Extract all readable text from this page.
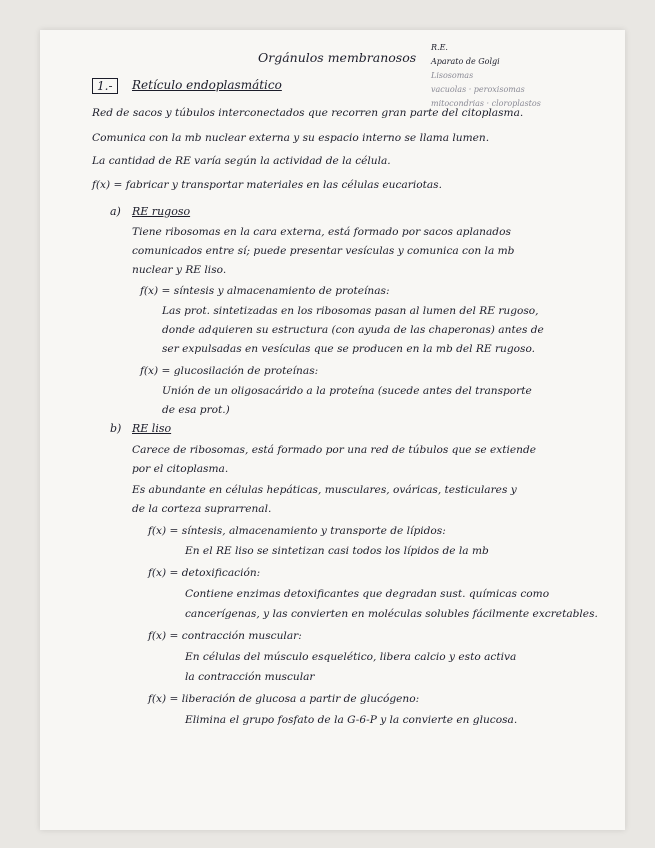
Orgánulos membranosos
R.E.
Aparato de Golgi
Lisosomas
vacuolas · peroxisomas
mitocondrias · cloroplastos
1.-	Retículo endoplasmático
Red de sacos y túbulos interconectados que recorren gran parte del citoplasma.
Comunica con la mb nuclear externa y su espacio interno se llama lumen.
La cantidad de RE varía según la actividad de la célula.
f(x) = fabricar y transportar materiales en las células eucariotas.
a) RE rugoso
Tiene ribosomas en la cara externa, está formado por sacos aplanados
comunicados entre sí; puede presentar vesículas y comunica con la mb
nuclear y RE liso.
f(x) = síntesis y almacenamiento de proteínas:
Las prot. sintetizadas en los ribosomas pasan al lumen del RE rugoso,
donde adquieren su estructura (con ayuda de las chaperonas) antes de
ser expulsadas en vesículas que se producen en la mb del RE rugoso.
f(x) = glucosilación de proteínas:
Unión de un oligosacárido a la proteína (sucede antes del transporte
de esa prot.)
b) RE liso
Carece de ribosomas, está formado por una red de túbulos que se extiende
por el citoplasma.
Es abundante en células hepáticas, musculares, ováricas, testiculares y
de la corteza suprarrenal.
f(x) = síntesis, almacenamiento y transporte de lípidos:
En el RE liso se sintetizan casi todos los lípidos de la mb
f(x) = detoxificación:
Contiene enzimas detoxificantes que degradan sust. químicas como
cancerígenas, y las convierten en moléculas solubles fácilmente excretables.
f(x) = contracción muscular:
En células del músculo esquelético, libera calcio y esto activa
la contracción muscular
f(x) = liberación de glucosa a partir de glucógeno:
Elimina el grupo fosfato de la G-6-P y la convierte en glucosa.
